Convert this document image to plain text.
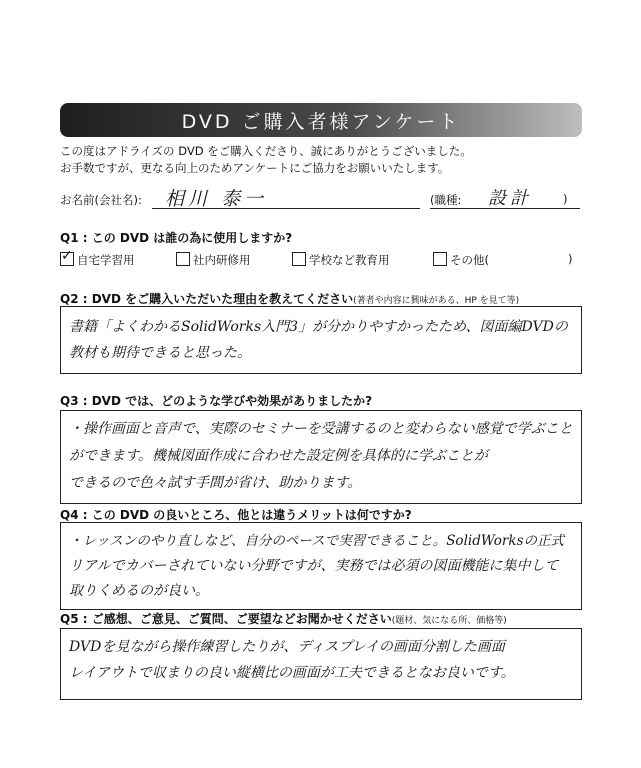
DVD ご購入者様アンケート
この度はアドライズの DVD をご購入くださり、誠にありがとうございました。
お手数ですが、更なる向上のためアンケートにご協力をお願いいたします。
お名前(会社名): 相川 泰一	(職種: 設計	)
Q1 : この DVD は誰の為に使用しますか?
✓自宅学習用	社内研修用	学校など教育用	その他(	)
Q2 : DVD をご購入いただいた理由を教えてください(著者や内容に興味がある、HP を見て等)
書籍「よくわかるSolidWorks入門3」が分かりやすかったため、図面編DVDの
教材も期待できると思った。
Q3 : DVD では、どのような学びや効果がありましたか?
・操作画面と音声で、実際のセミナーを受講するのと変わらない感覚で学ぶこと
ができます。機械図面作成に合わせた設定例を具体的に学ぶことが
できるので色々試す手間が省け、助かります。
Q4 : この DVD の良いところ、他とは違うメリットは何ですか?
・レッスンのやり直しなど、自分のペースで実習できること。SolidWorksの正式
リアルでカバーされていない分野ですが、実務では必須の図面機能に集中して
取りくめるのが良い。
Q5 : ご感想、ご意見、ご質問、ご要望などお聞かせください(題材、気になる所、価格等)
DVDを見ながら操作練習したりが、ディスプレイの画面分割した画面
レイアウトで収まりの良い縦横比の画面が工夫できるとなお良いです。
